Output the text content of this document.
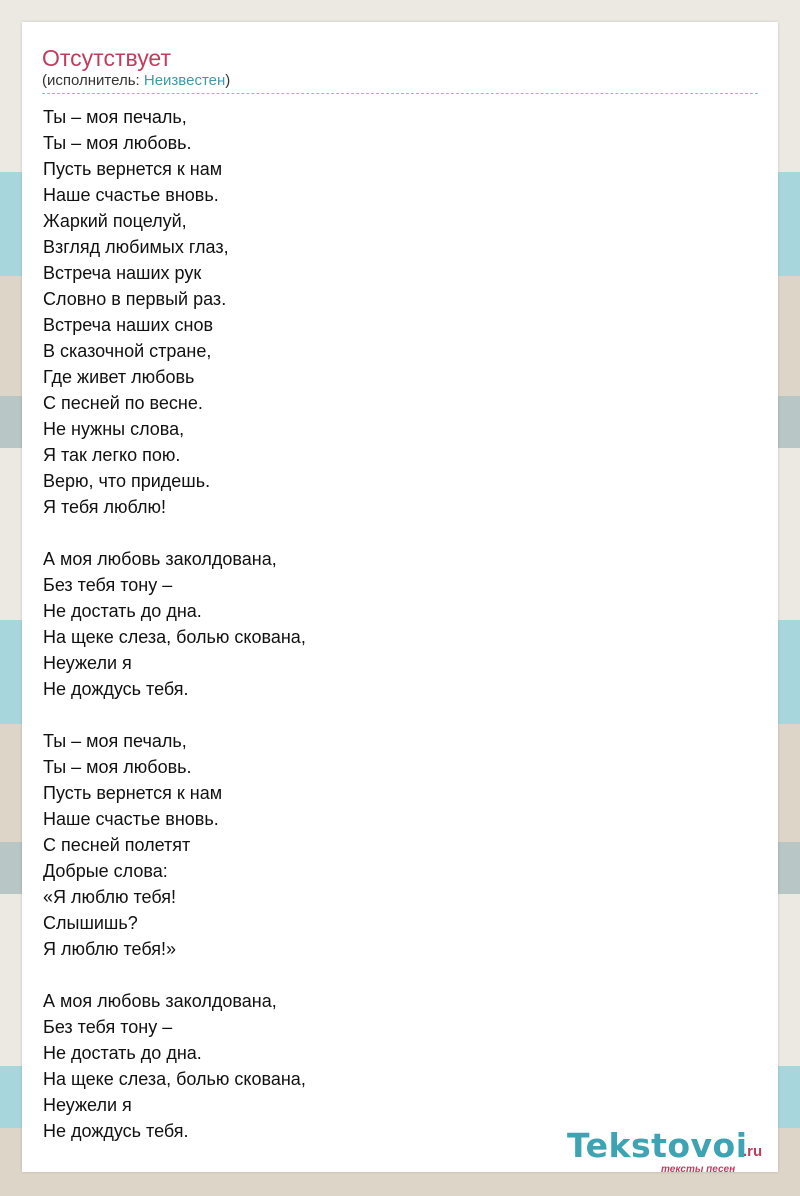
Отсутствует
(исполнитель: Неизвестен)
Ты – моя печаль,
Ты – моя любовь.
Пусть вернется к нам
Наше счастье вновь.
Жаркий поцелуй,
Взгляд любимых глаз,
Встреча наших рук
Словно в первый раз.
Встреча наших снов
В сказочной стране,
Где живет любовь
С песней по весне.
Не нужны слова,
Я так легко пою.
Верю, что придешь.
Я тебя люблю!
А моя любовь заколдована,
Без тебя тону –
Не достать до дна.
На щеке слеза, болью скована,
Неужели я
Не дождусь тебя.
Ты – моя печаль,
Ты – моя любовь.
Пусть вернется к нам
Наше счастье вновь.
С песней полетят
Добрые слова:
«Я люблю тебя!
Слышишь?
Я люблю тебя!»
А моя любовь заколдована,
Без тебя тону –
Не достать до дна.
На щеке слеза, болью скована,
Неужели я
Не дождусь тебя.	Tekstovoi
.ru
тексты песен
